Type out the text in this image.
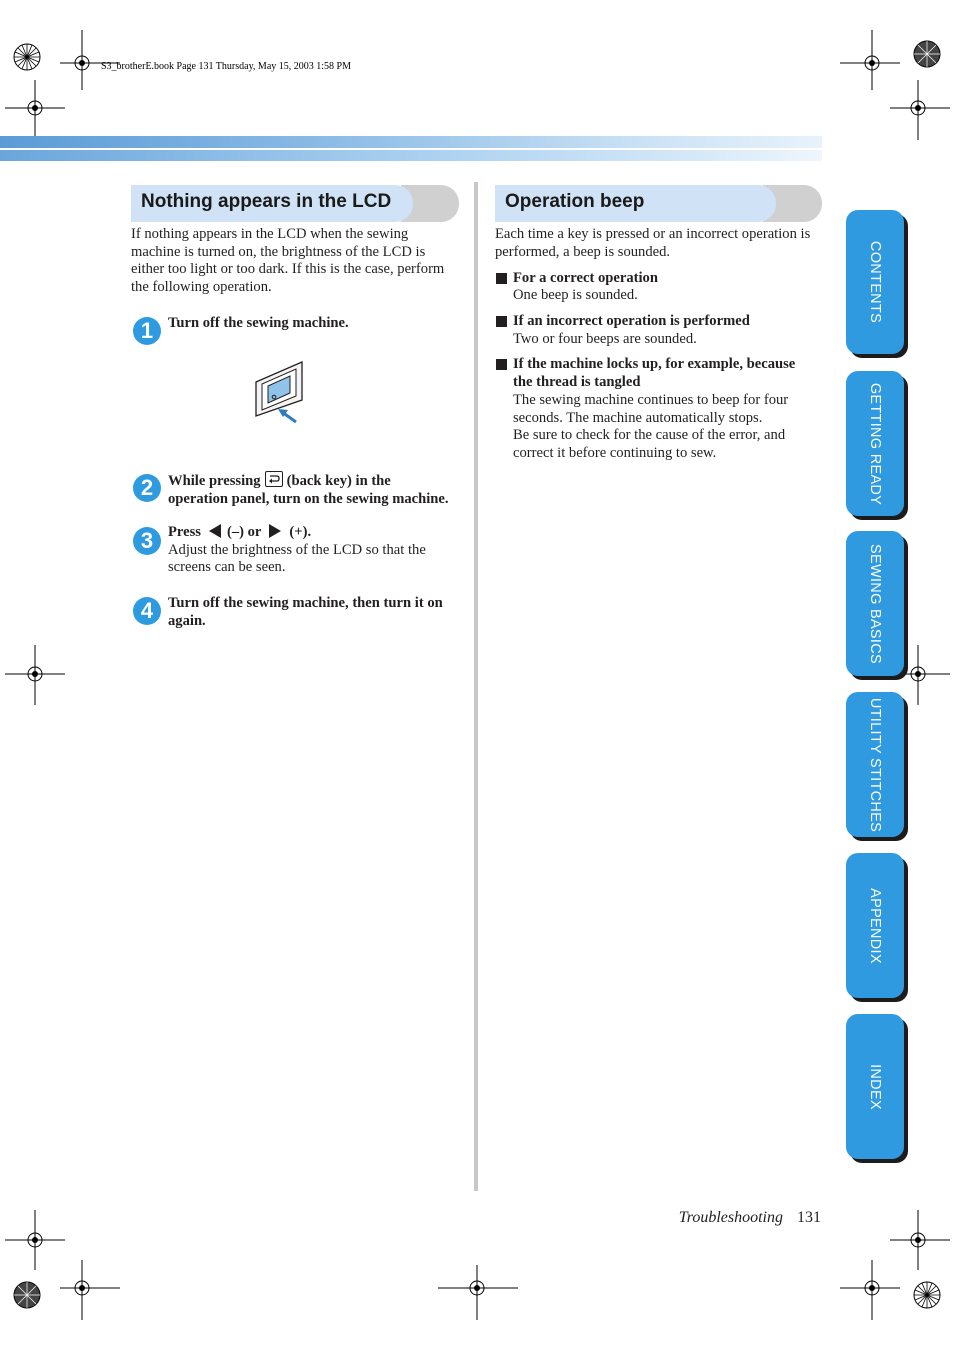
S3_brotherE.book Page 131 Thursday, May 15, 2003 1:58 PM
Nothing appears in the LCD
If nothing appears in the LCD when the sewing machine is turned on, the brightness of the LCD is either too light or too dark. If this is the case, perform the following operation.
1	Turn off the sewing machine.
2	While pressing (back key) in the
operation panel, turn on the sewing machine.
3	Press (–) or (+).
Adjust the brightness of the LCD so that the screens can be seen.
4	Turn off the sewing machine, then turn it on again.
Operation beep
Each time a key is pressed or an incorrect operation is performed, a beep is sounded.
For a correct operation
One beep is sounded.
If an incorrect operation is performed
Two or four beeps are sounded.
If the machine locks up, for example, because the thread is tangled
The sewing machine continues to beep for four seconds. The machine automatically stops.
Be sure to check for the cause of the error, and correct it before continuing to sew.
CONTENTS
GETTING READY
SEWING BASICS
UTILITY STITCHES
APPENDIX
INDEX
Troubleshooting 131
